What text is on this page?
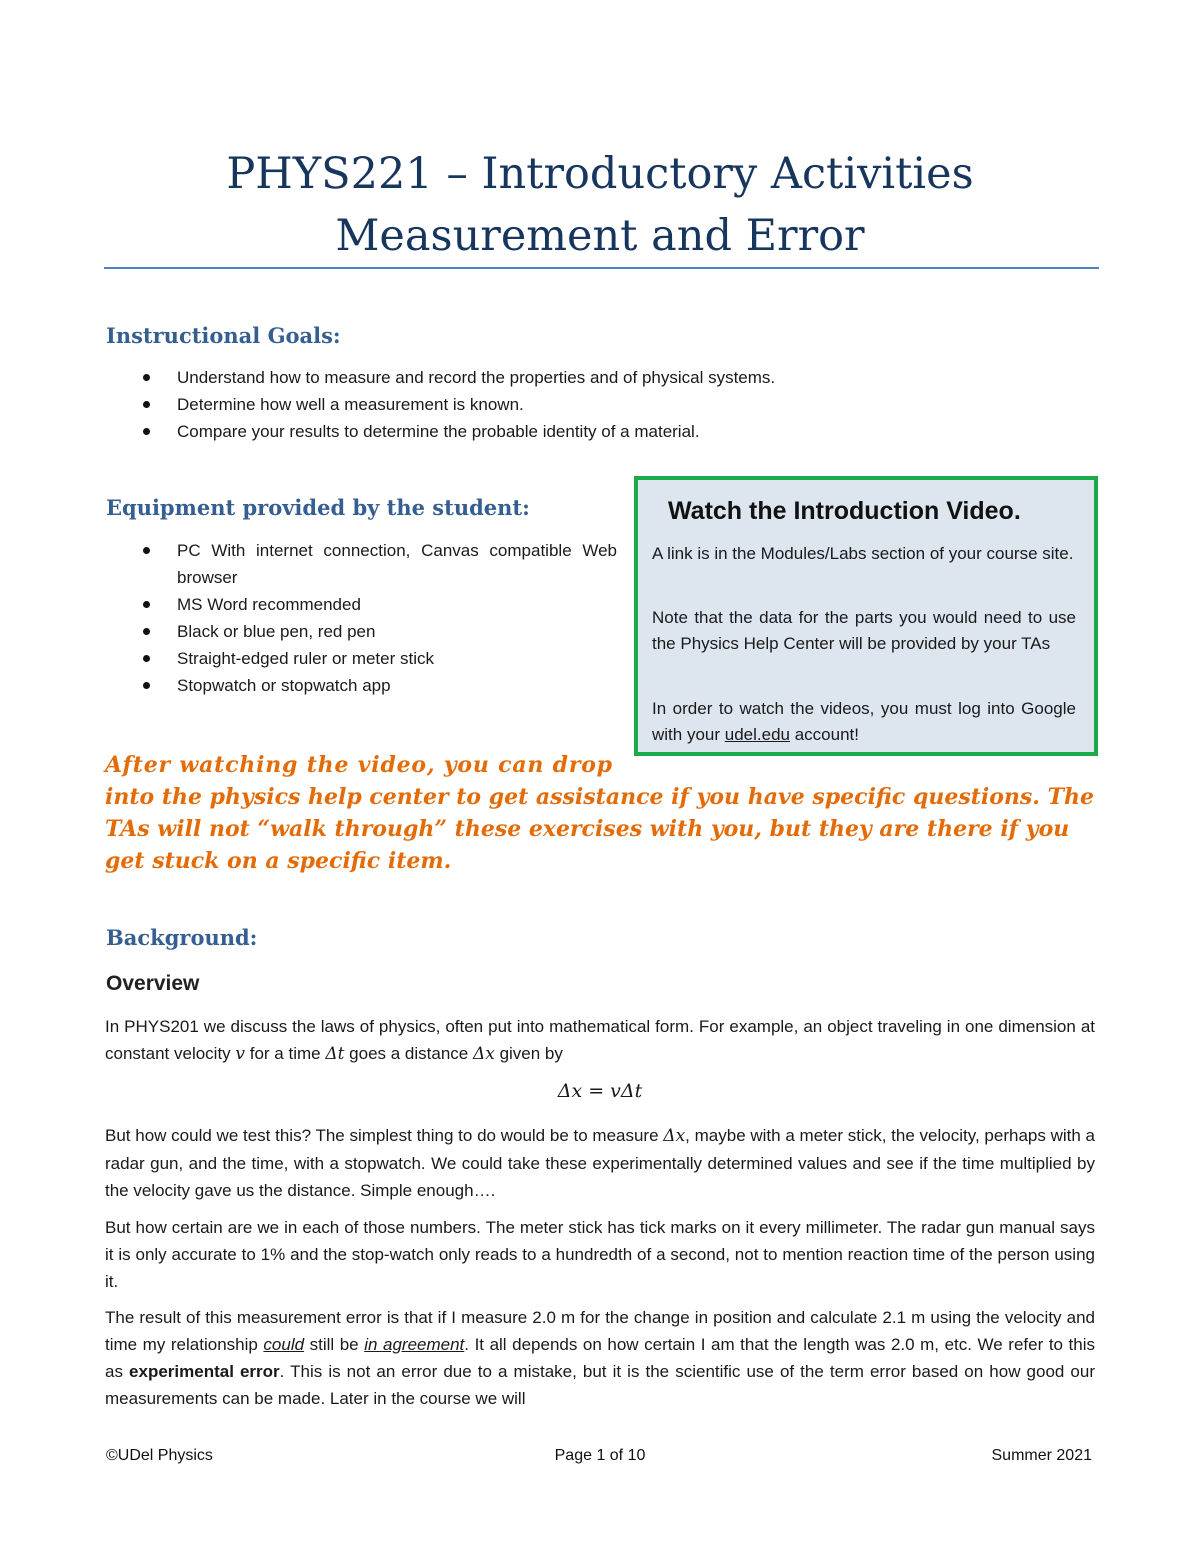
PHYS221 – Introductory Activities
Measurement and Error
Instructional Goals:
Understand how to measure and record the properties and of physical systems.
Determine how well a measurement is known.
Compare your results to determine the probable identity of a material.
Equipment provided by the student:
PC With internet connection, Canvas compatible Web browser
MS Word recommended
Black or blue pen, red pen
Straight-edged ruler or meter stick
Stopwatch or stopwatch app
Watch the Introduction Video.

A link is in the Modules/Labs section of your course site.

Note that the data for the parts you would need to use the Physics Help Center will be provided by your TAs

In order to watch the videos, you must log into Google with your udel.edu account!

After watching the video, you can drop
into the physics help center to get assistance if you have specific questions. The TAs will not “walk through” these exercises with you, but they are there if you get stuck on a specific item.

Background:
Overview

In PHYS201 we discuss the laws of physics, often put into mathematical form. For example, an object traveling in one dimension at constant velocity v for a time Δt goes a distance Δx given by

Δx = vΔt

But how could we test this? The simplest thing to do would be to measure Δx, maybe with a meter stick, the velocity, perhaps with a radar gun, and the time, with a stopwatch. We could take these experimentally determined values and see if the time multiplied by the velocity gave us the distance. Simple enough….

But how certain are we in each of those numbers. The meter stick has tick marks on it every millimeter. The radar gun manual says it is only accurate to 1% and the stop-watch only reads to a hundredth of a second, not to mention reaction time of the person using it.

The result of this measurement error is that if I measure 2.0 m for the change in position and calculate 2.1 m using the velocity and time my relationship could still be in agreement. It all depends on how certain I am that the length was 2.0 m, etc. We refer to this as experimental error. This is not an error due to a mistake, but it is the scientific use of the term error based on how good our measurements can be made. Later in the course we will

©UDel Physics	Page 1 of 10	Summer 2021
